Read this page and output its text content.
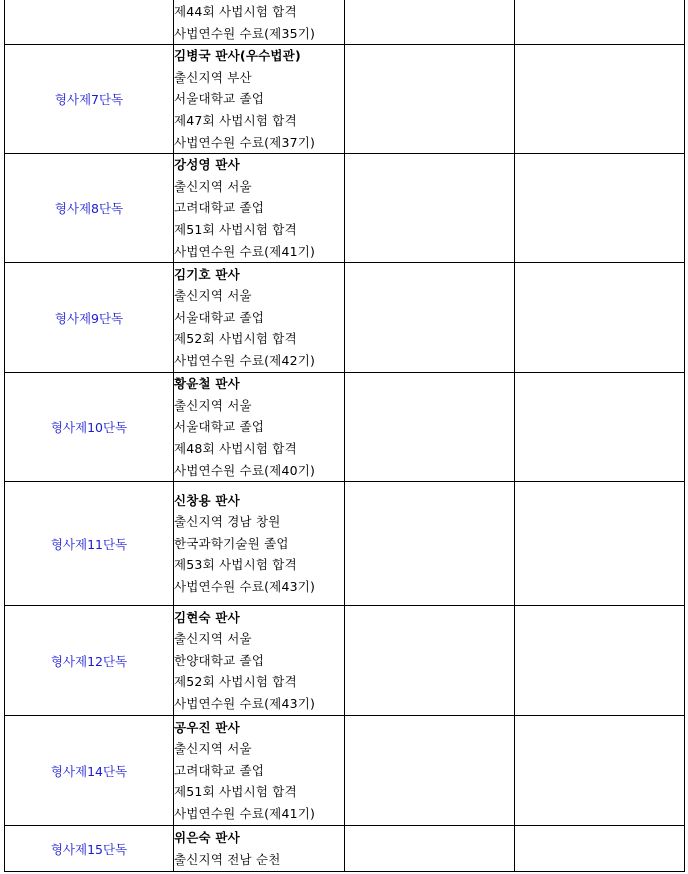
	제44회 사법시험 합격
사법연수원 수료(제35기)		

형사제7단독	김병국 판사(우수법관)
출신지역 부산
서울대학교 졸업
제47회 사법시험 합격
사법연수원 수료(제37기)		

형사제8단독	강성영 판사
출신지역 서울
고려대학교 졸업
제51회 사법시험 합격
사법연수원 수료(제41기)		

형사제9단독	김기호 판사
출신지역 서울
서울대학교 졸업
제52회 사법시험 합격
사법연수원 수료(제42기)		

형사제10단독	황윤철 판사
출신지역 서울
서울대학교 졸업
제48회 사법시험 합격
사법연수원 수료(제40기)		

형사제11단독	신창용 판사
출신지역 경남 창원
한국과학기술원 졸업
제53회 사법시험 합격
사법연수원 수료(제43기)		

형사제12단독	김현숙 판사
출신지역 서울
한양대학교 졸업
제52회 사법시험 합격
사법연수원 수료(제43기)		

형사제14단독	공우진 판사
출신지역 서울
고려대학교 졸업
제51회 사법시험 합격
사법연수원 수료(제41기)		

형사제15단독	위은숙 판사
출신지역 전남 순천		
